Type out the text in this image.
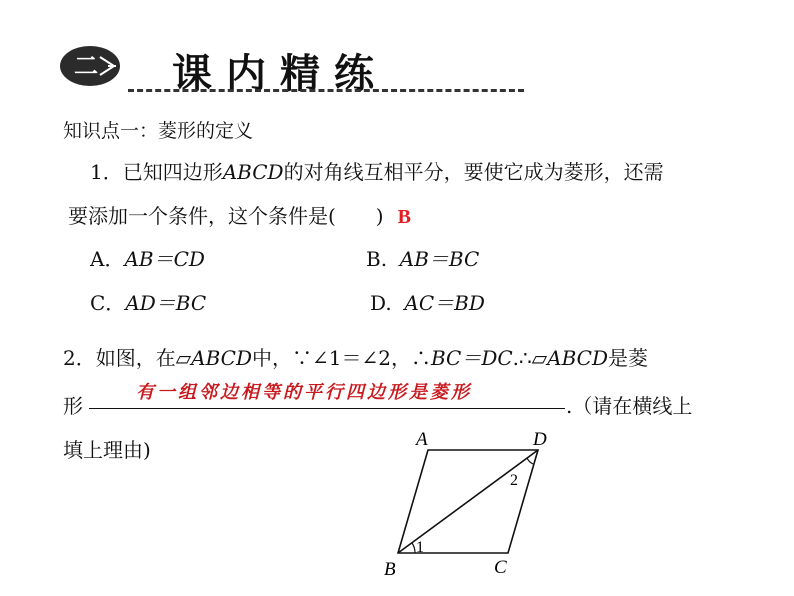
二 课内精练
知识点一：菱形的定义
1．已知四边形ABCD的对角线互相平分，要使它成为菱形，还需
要添加一个条件，这个条件是(　　) B
A．AB＝CD	B. AB＝BC
C．AD＝BC	D. AC＝BD
2．如图，在▱ABCD中，∵∠1＝∠2，∴BC＝DC.∴▱ABCD是菱
形
有一组邻边相等的平行四边形是菱形
.（请在横线上
填上理由)	A	D
B	C
1
2
